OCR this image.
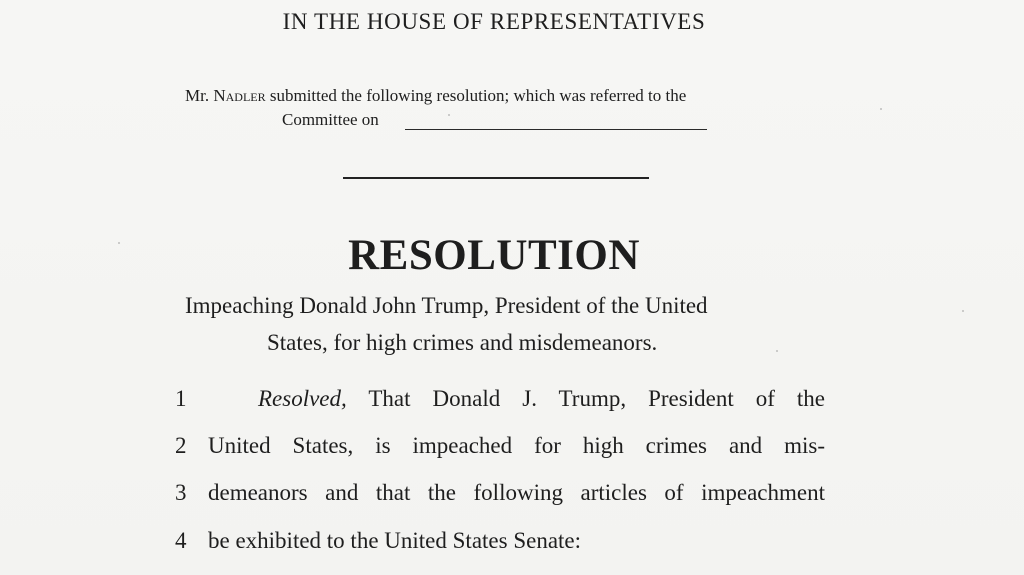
IN THE HOUSE OF REPRESENTATIVES
Mr. Nadler submitted the following resolution; which was referred to the
Committee on
RESOLUTION
Impeaching Donald John Trump, President of the United
States, for high crimes and misdemeanors.
1	Resolved, That Donald J. Trump, President of the
2 United States, is impeached for high crimes and mis-
3 demeanors and that the following articles of impeachment
4 be exhibited to the United States Senate:
